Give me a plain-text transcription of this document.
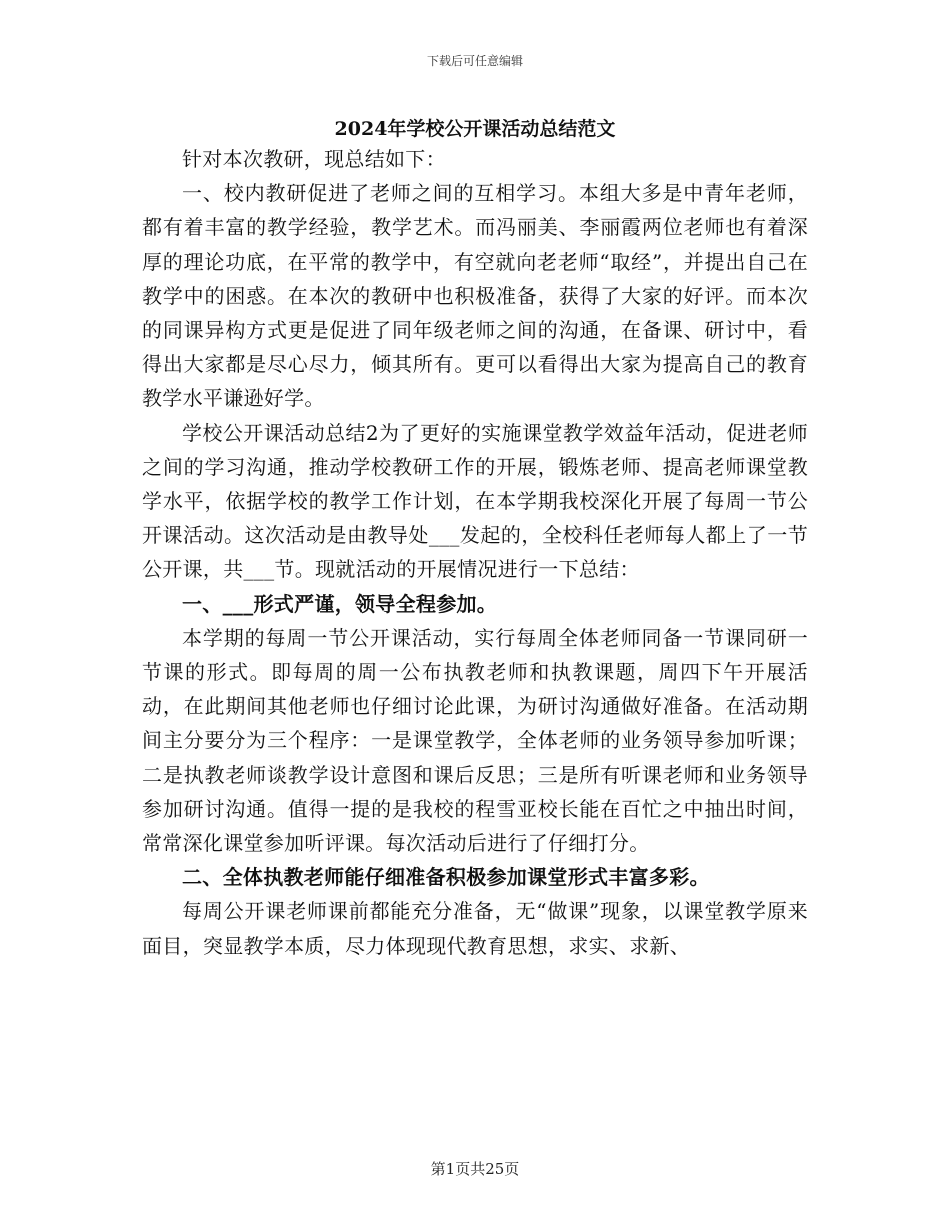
下载后可任意编辑
2024年学校公开课活动总结范文

针对本次教研，现总结如下：

一、校内教研促进了老师之间的互相学习。本组大多是中青年老师，都有着丰富的教学经验，教学艺术。而冯丽美、李丽霞两位老师也有着深厚的理论功底，在平常的教学中，有空就向老老师“取经”，并提出自己在教学中的困惑。在本次的教研中也积极准备，获得了大家的好评。而本次的同课异构方式更是促进了同年级老师之间的沟通，在备课、研讨中，看得出大家都是尽心尽力，倾其所有。更可以看得出大家为提高自己的教育教学水平谦逊好学。

学校公开课活动总结2为了更好的实施课堂教学效益年活动，促进老师之间的学习沟通，推动学校教研工作的开展，锻炼老师、提高老师课堂教学水平，依据学校的教学工作计划，在本学期我校深化开展了每周一节公开课活动。这次活动是由教导处___发起的，全校科任老师每人都上了一节公开课，共___节。现就活动的开展情况进行一下总结：

一、___形式严谨，领导全程参加。

本学期的每周一节公开课活动，实行每周全体老师同备一节课同研一节课的形式。即每周的周一公布执教老师和执教课题，周四下午开展活动，在此期间其他老师也仔细讨论此课，为研讨沟通做好准备。在活动期间主分要分为三个程序：一是课堂教学，全体老师的业务领导参加听课；二是执教老师谈教学设计意图和课后反思；三是所有听课老师和业务领导参加研讨沟通。值得一提的是我校的程雪亚校长能在百忙之中抽出时间，常常深化课堂参加听评课。每次活动后进行了仔细打分。

二、全体执教老师能仔细准备积极参加课堂形式丰富多彩。

每周公开课老师课前都能充分准备，无“做课”现象，以课堂教学原来面目，突显教学本质，尽力体现现代教育思想，求实、求新、

第1页共25页
